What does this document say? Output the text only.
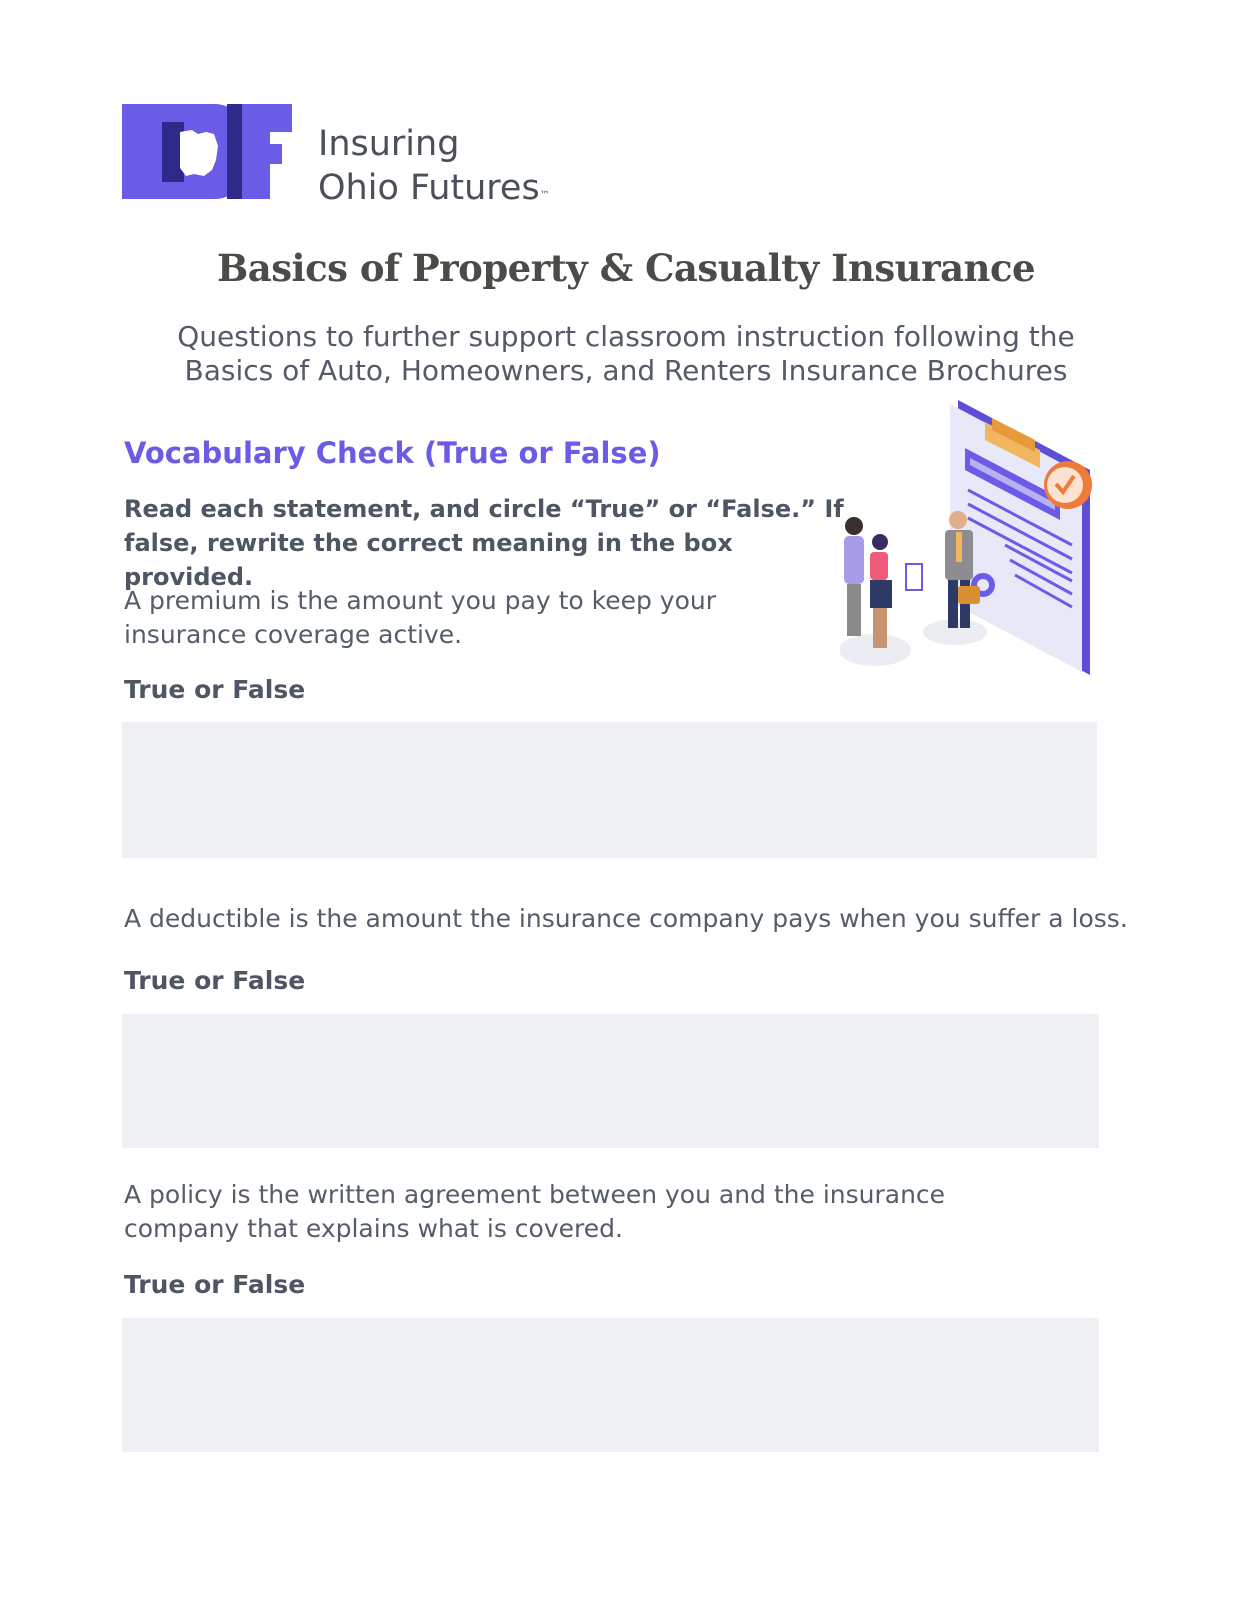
Insuring
Ohio Futures™
Basics of Property & Casualty Insurance
Questions to further support classroom instruction following the
Basics of Auto, Homeowners, and Renters Insurance Brochures
Vocabulary Check (True or False)
Read each statement, and circle “True” or “False.” If
false, rewrite the correct meaning in the box provided.
A premium is the amount you pay to keep your
insurance coverage active.
True or False
A deductible is the amount the insurance company pays when you suffer a loss.
True or False
A policy is the written agreement between you and the insurance
company that explains what is covered.
True or False
